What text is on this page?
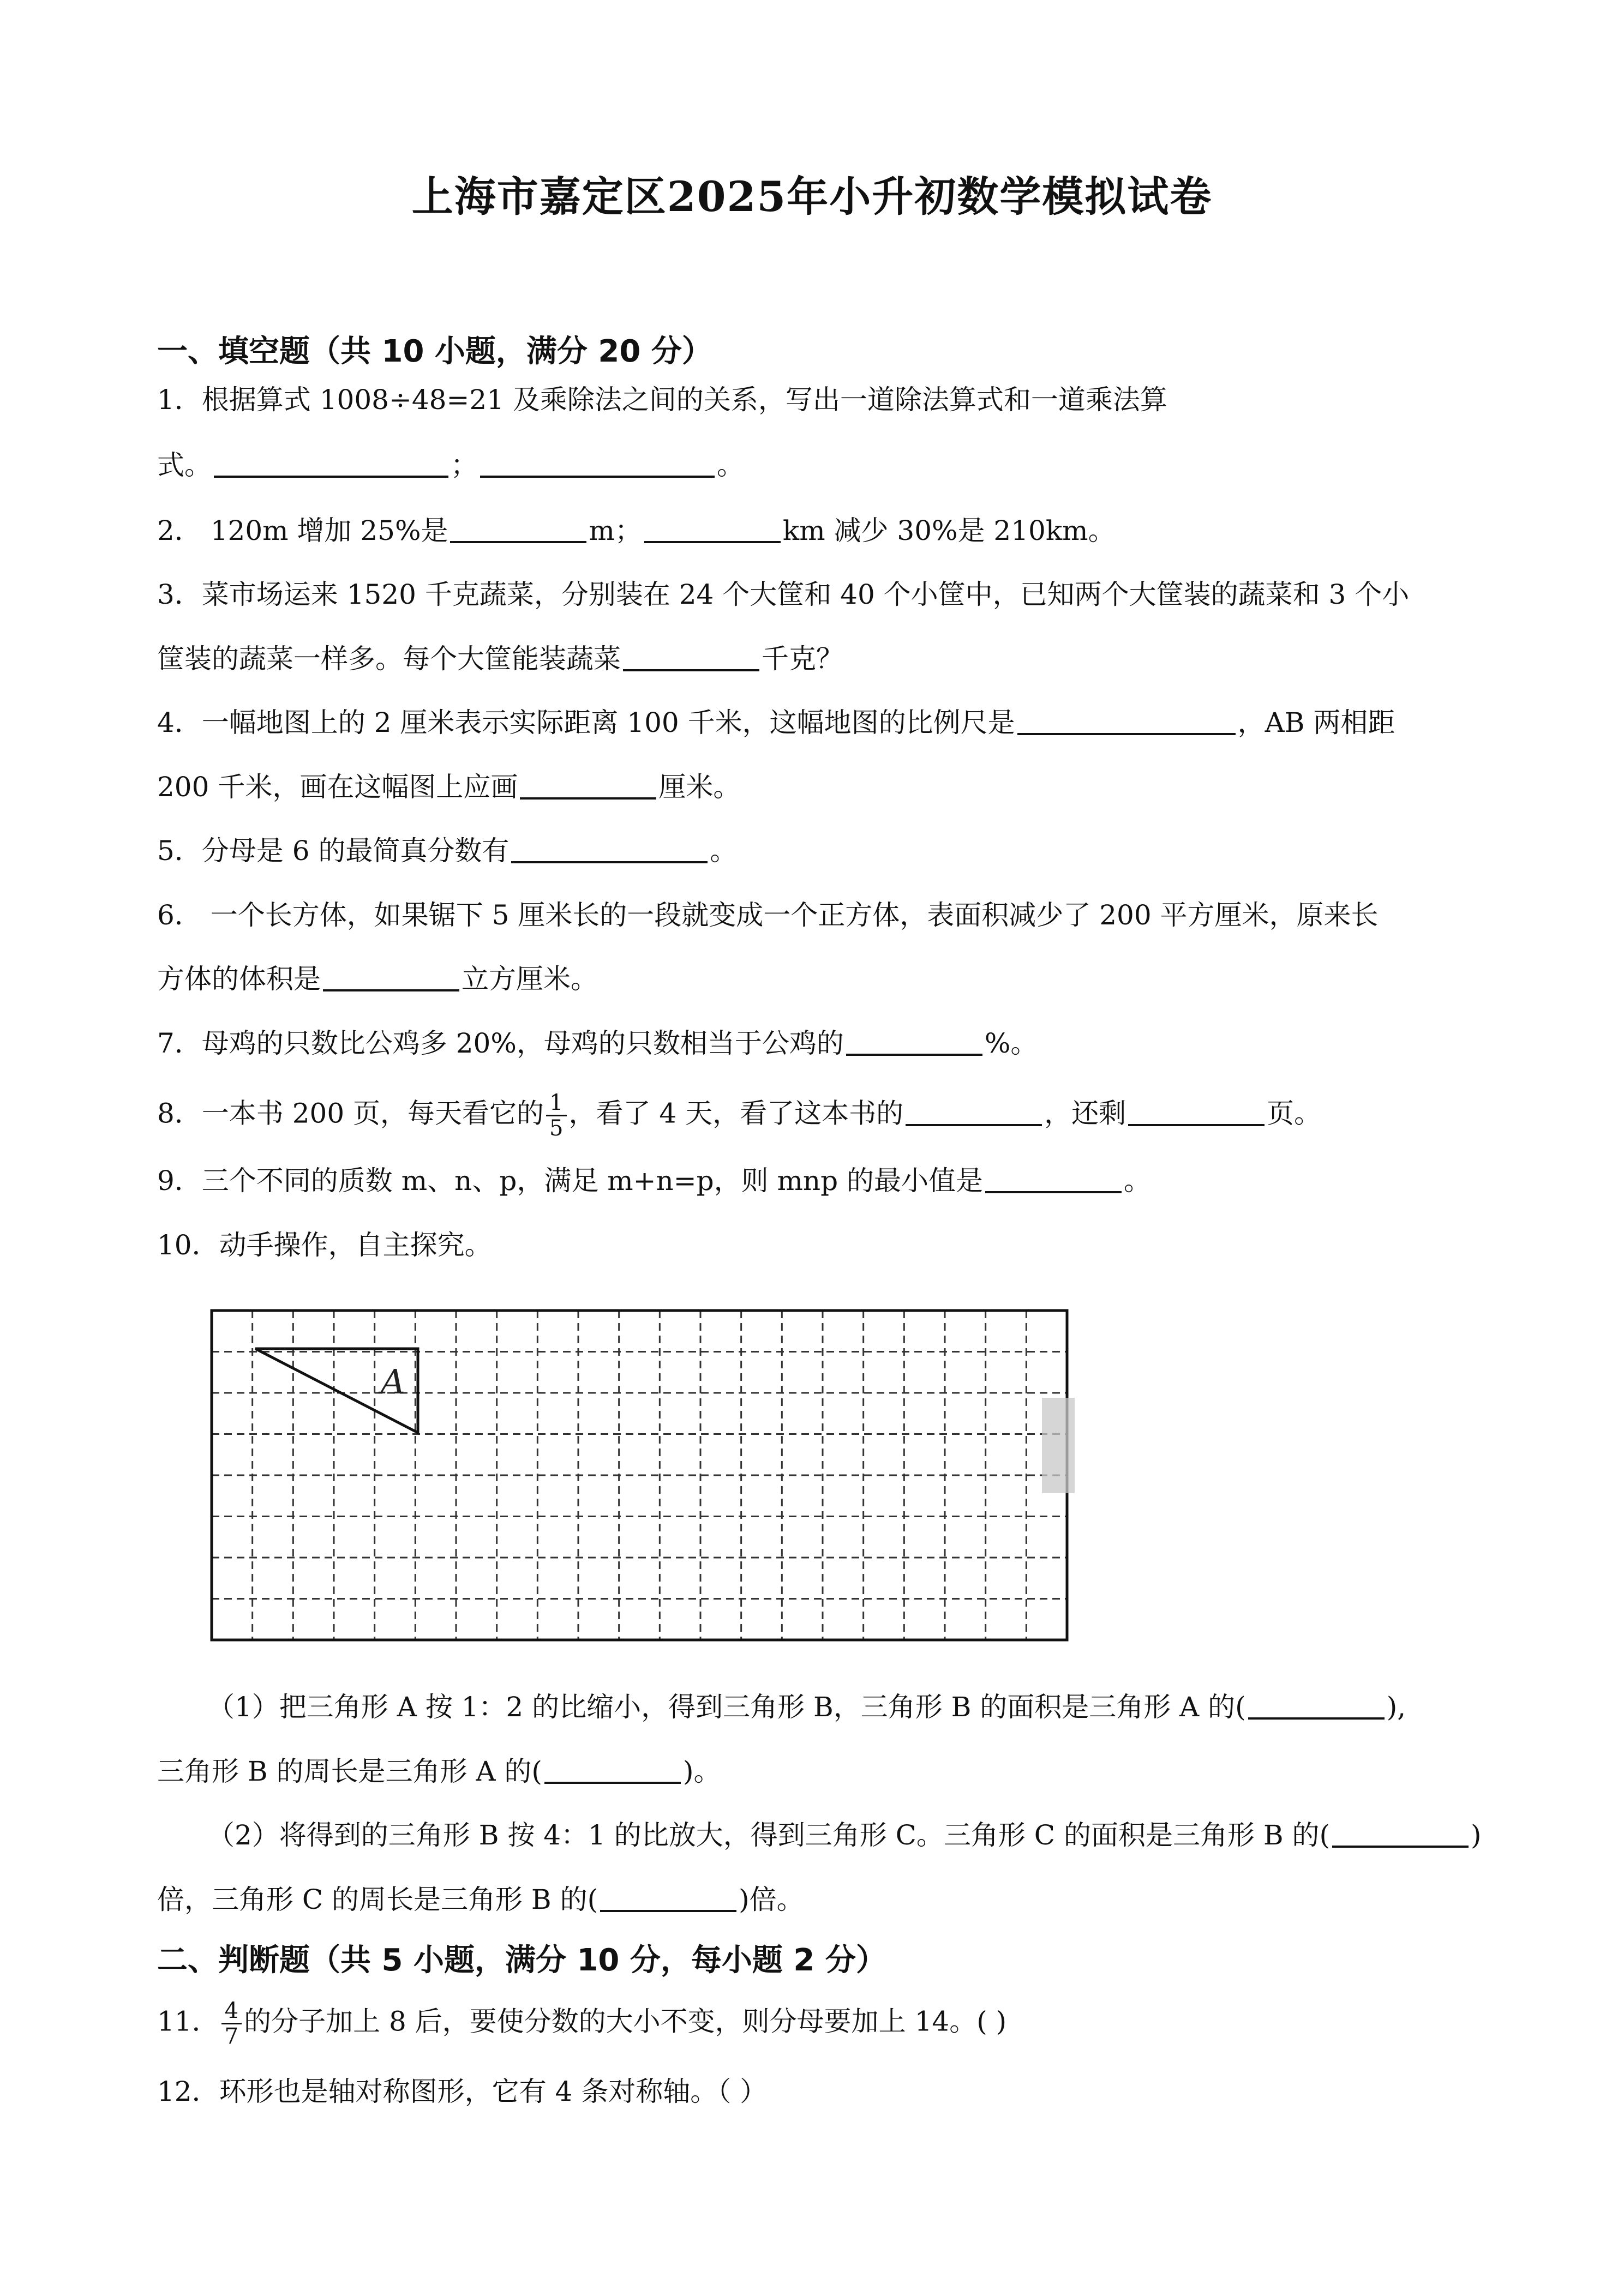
上海市嘉定区2025年小升初数学模拟试卷
一、填空题（共 10 小题，满分 20 分）
1．根据算式 1008÷48=21 及乘除法之间的关系，写出一道除法算式和一道乘法算
式。	；	。
2． 120m 增加 25%是	m；	km 减少 30%是 210km。
3．菜市场运来 1520 千克蔬菜，分别装在 24 个大筐和 40 个小筐中，已知两个大筐装的蔬菜和 3 个小
筐装的蔬菜一样多。每个大筐能装蔬菜	千克？
4．一幅地图上的 2 厘米表示实际距离 100 千米，这幅地图的比例尺是	，AB 两相距
200 千米，画在这幅图上应画	厘米。
5．分母是 6 的最简真分数有	。
6． 一个长方体，如果锯下 5 厘米长的一段就变成一个正方体，表面积减少了 200 平方厘米，原来长
方体的体积是	立方厘米。
7．母鸡的只数比公鸡多 20%，母鸡的只数相当于公鸡的	%。
8．一本书 200 页，每天看它的 $\frac{1}{5}$ ，看了 4 天，看了这本书的	，还剩	页。
9．三个不同的质数 m、n、p，满足 m+n=p，则 mnp 的最小值是	。
10．动手操作，自主探究。
A
（1）把三角形 A 按 1：2 的比缩小，得到三角形 B，三角形 B 的面积是三角形 A 的(	),
三角形 B 的周长是三角形 A 的(	)。
（2）将得到的三角形 B 按 4：1 的比放大，得到三角形 C。三角形 C 的面积是三角形 B 的(	)
倍，三角形 C 的周长是三角形 B 的(	)倍。
二、判断题（共 5 小题，满分 10 分，每小题 2 分）
11． $\frac{4}{7}$ 的分子加上 8 后，要使分数的大小不变，则分母要加上 14。( )
12．环形也是轴对称图形，它有 4 条对称轴。（ ）
